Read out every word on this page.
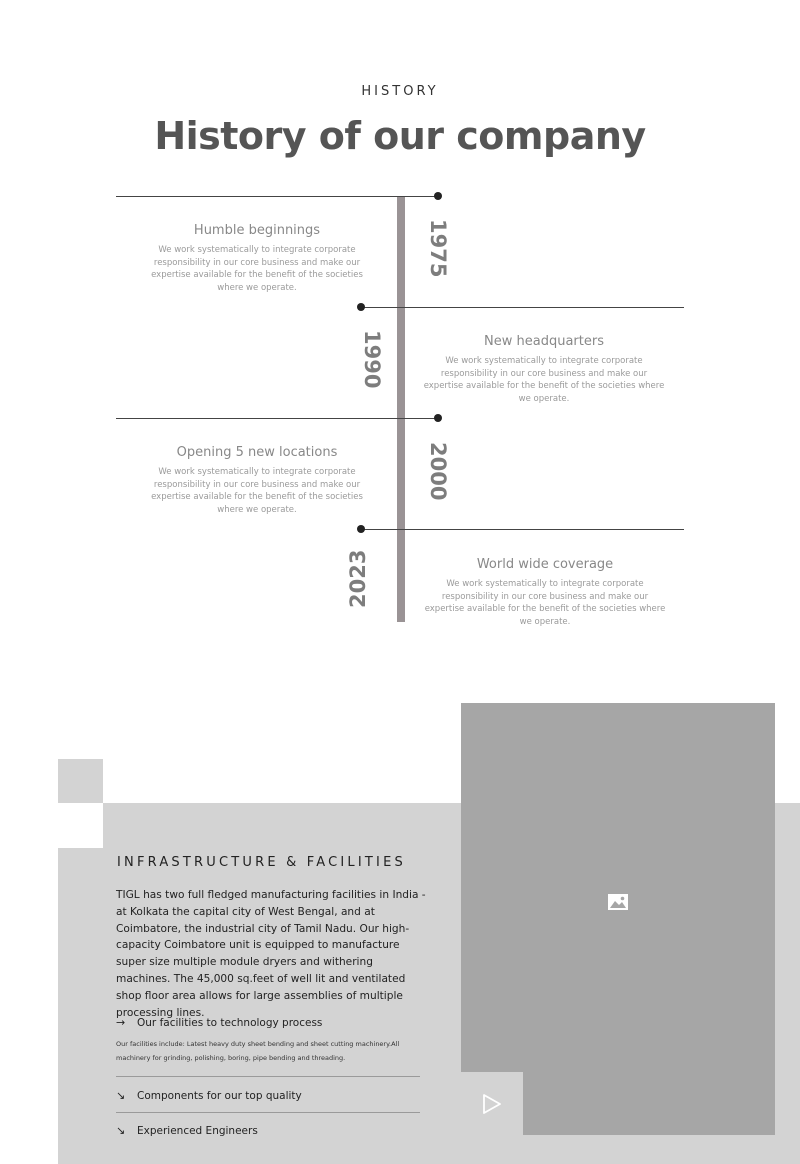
HISTORY
History of our company
1975
Humble beginnings
We work systematically to integrate corporate responsibility in our core business and make our expertise available for the benefit of the societies where we operate.
1990	New headquarters
We work systematically to integrate corporate responsibility in our core business and make our expertise available for the benefit of the societies where we operate.
2000
Opening 5 new locations
We work systematically to integrate corporate responsibility in our core business and make our expertise available for the benefit of the societies where we operate.
2023	World wide coverage
We work systematically to integrate corporate responsibility in our core business and make our expertise available for the benefit of the societies where we operate.
INFRASTRUCTURE & FACILITIES
TIGL has two full fledged manufacturing facilities in India - at Kolkata the capital city of West Bengal, and at Coimbatore, the industrial city of Tamil Nadu. Our high-capacity Coimbatore unit is equipped to manufacture super size multiple module dryers and withering machines. The 45,000 sq.feet of well lit and ventilated shop floor area allows for large assemblies of multiple processing lines.
→	Our facilities to technology process
Our facilities include: Latest heavy duty sheet bending and sheet cutting machinery.All machinery for grinding, polishing, boring, pipe bending and threading.
↘	Components for our top quality
↘	Experienced Engineers
